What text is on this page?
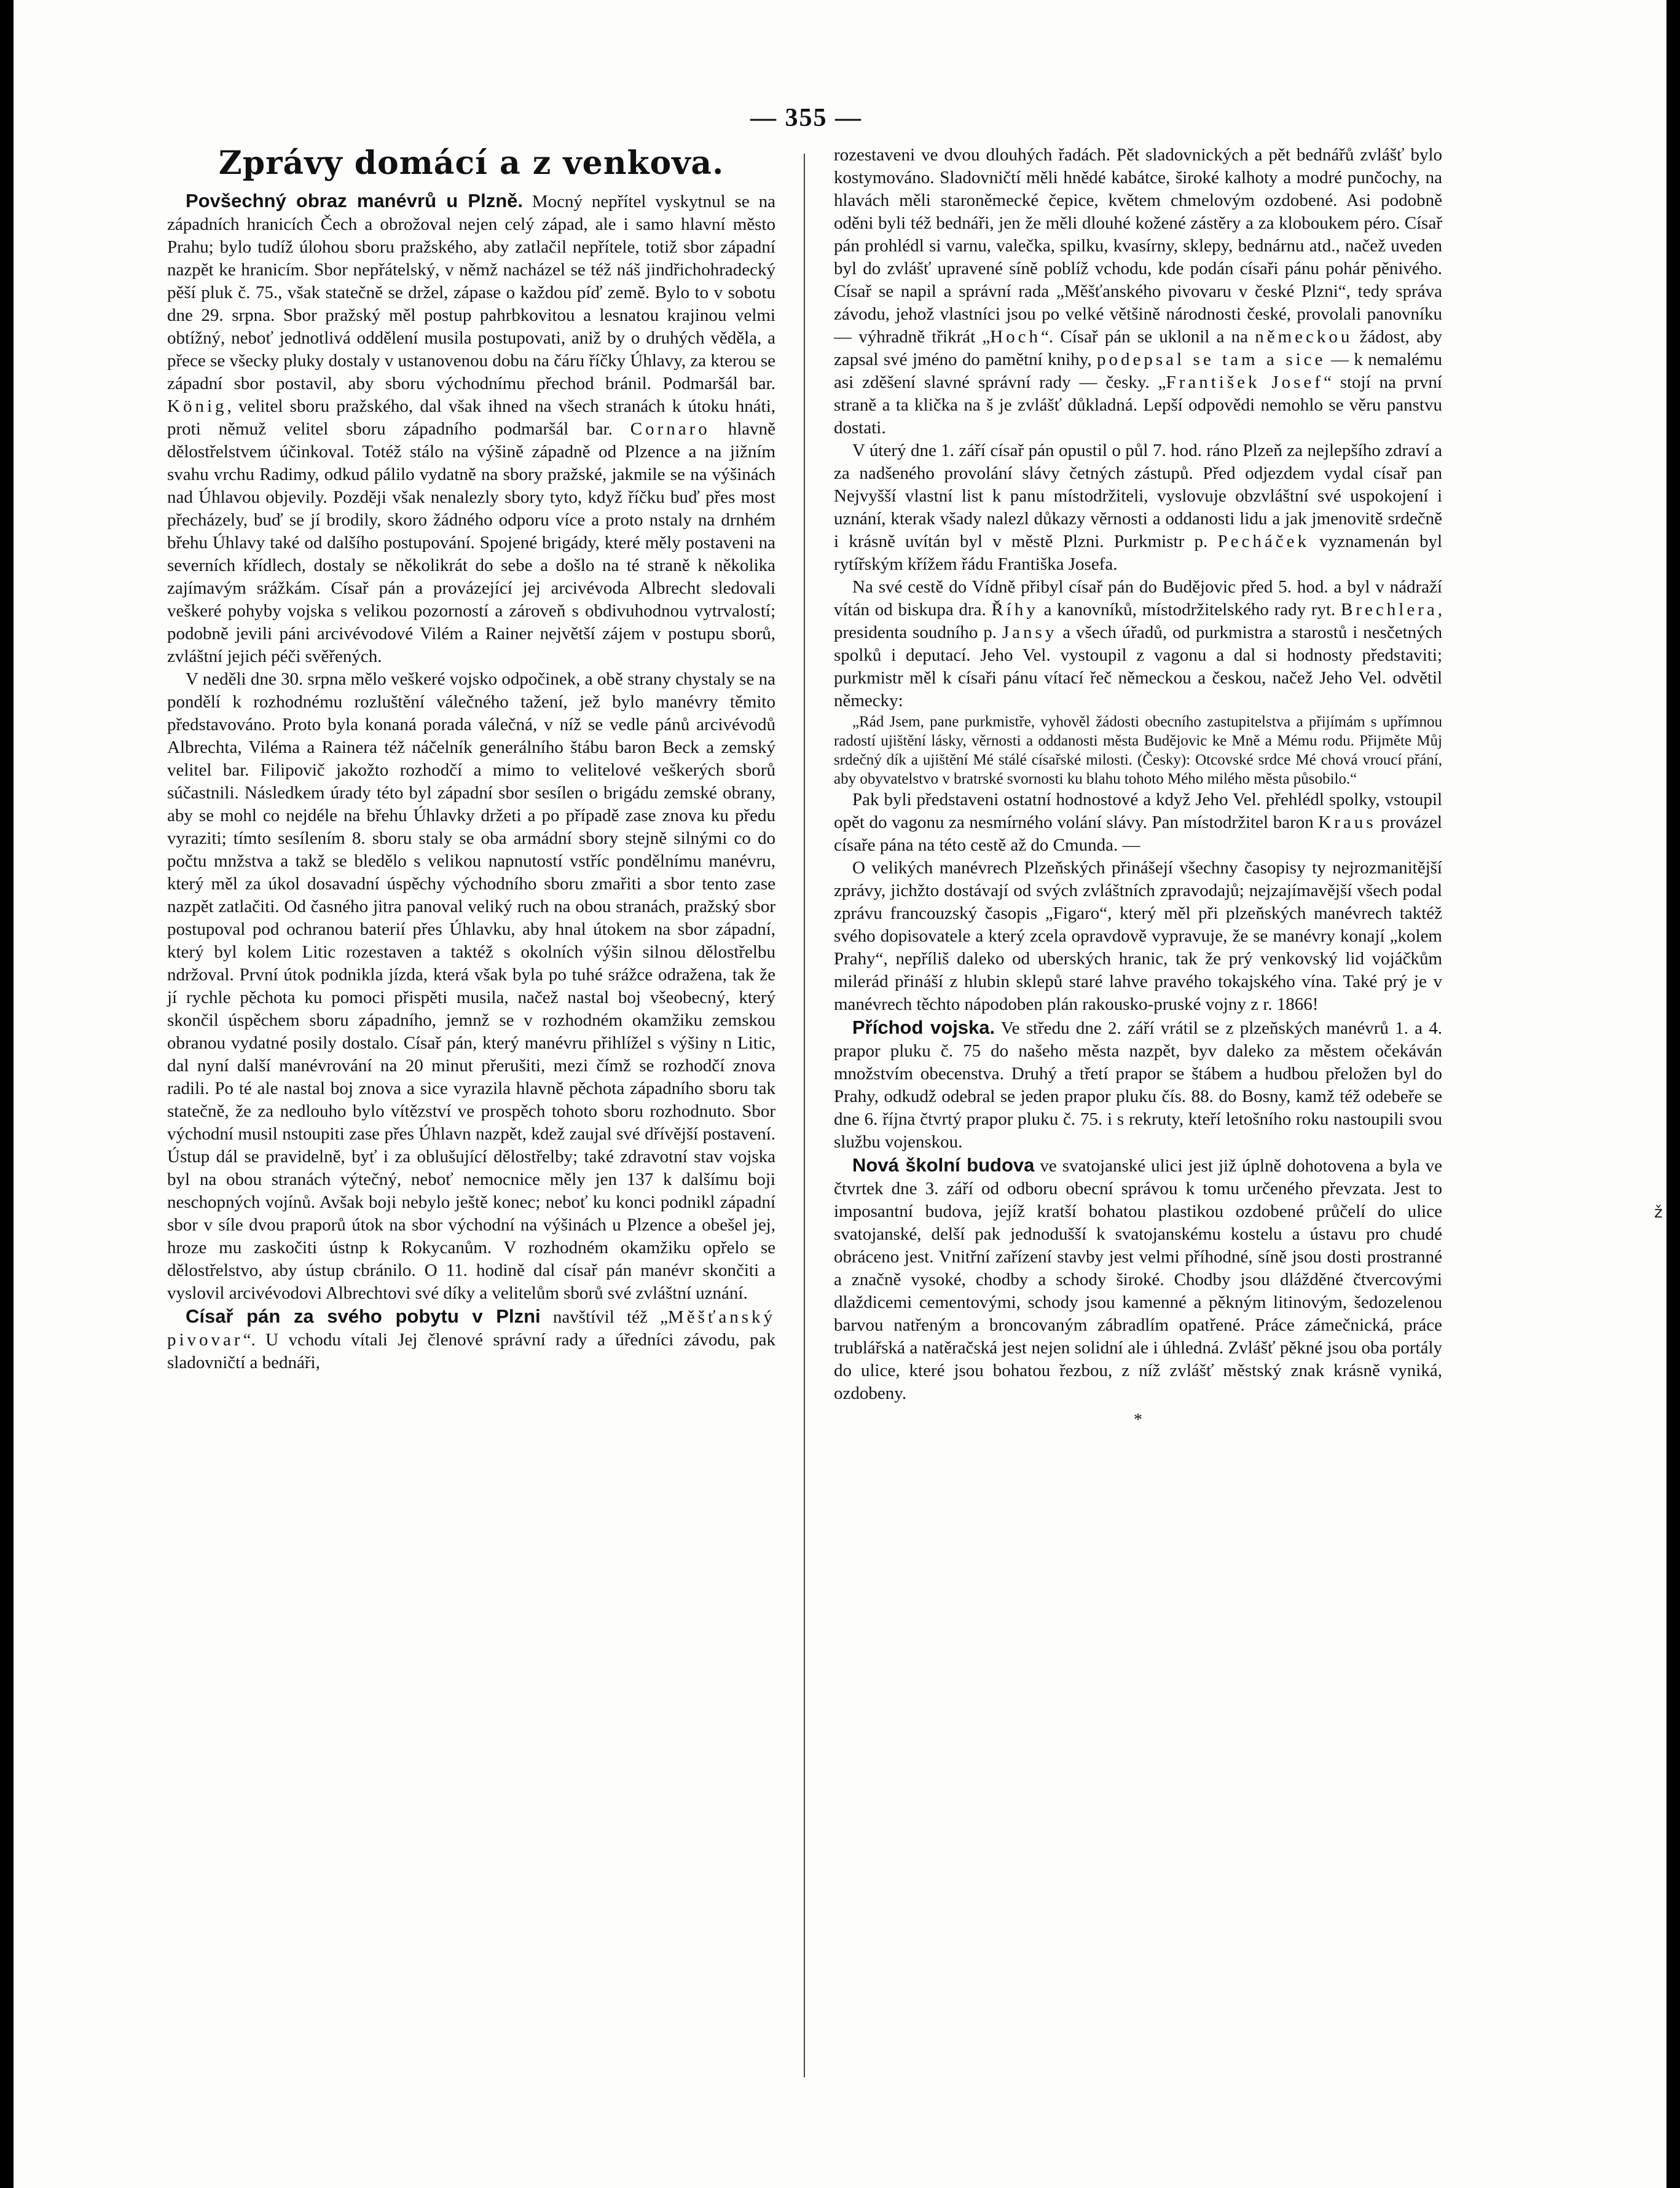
— 355 —
Zprávy domácí a z venkova.

Povšechný obraz manévrů u Plzně. Mocný nepřítel vyskytnul se na západních hranicích Čech a obrožoval nejen celý západ, ale i samo hlavní město Prahu; bylo tudíž úlohou sboru pražského, aby zatlačil nepřítele, totiž sbor západní nazpět ke hranicím. Sbor nepřátelský, v němž nacházel se též náš jindřichohradecký pěší pluk č. 75., však statečně se držel, zápase o každou píď země. Bylo to v sobotu dne 29. srpna. Sbor pražský měl postup pahrbkovitou a lesnatou krajinou velmi obtížný, neboť jednotlivá oddělení musila postupovati, aniž by o druhých věděla, a přece se všecky pluky dostaly v ustanovenou dobu na čáru říčky Úhlavy, za kterou se západní sbor postavil, aby sboru východnímu přechod bránil. Podmaršál bar. König, velitel sboru pražského, dal však ihned na všech stranách k útoku hnáti, proti němuž velitel sboru západního podmaršál bar. Cornaro hlavně dělostřelstvem účinkoval. Totéž stálo na výšině západně od Plzence a na jižním svahu vrchu Radimy, odkud pálilo vydatně na sbory pražské, jakmile se na výšinách nad Úhlavou objevily. Později však nenalezly sbory tyto, když říčku buď přes most přecházely, buď se jí brodily, skoro žádného odporu více a proto nstaly na drnhém břehu Úhlavy také od dalšího postupování. Spojené brigády, které měly postaveni na severních křídlech, dostaly se několikrát do sebe a došlo na té straně k několika zajímavým srážkám. Císař pán a provázející jej arcivévoda Albrecht sledovali veškeré pohyby vojska s velikou pozorností a zároveň s obdivuhodnou vytrvalostí; podobně jevili páni arcivévodové Vilém a Rainer největší zájem v postupu sborů, zvláštní jejich péči svěřených.

V neděli dne 30. srpna mělo veškeré vojsko odpočinek, a obě strany chystaly se na pondělí k rozhodnému rozluštění válečného tažení, jež bylo manévry těmito představováno. Proto byla konaná porada válečná, v níž se vedle pánů arcivévodů Albrechta, Viléma a Rainera též náčelník generálního štábu baron Beck a zemský velitel bar. Filipovič jakožto rozhodčí a mimo to velitelové veškerých sborů súčastnili. Následkem úrady této byl západní sbor sesílen o brigádu zemské obrany, aby se mohl co nejdéle na břehu Úhlavky držeti a po případě zase znova ku předu vyraziti; tímto sesílením 8. sboru staly se oba armádní sbory stejně silnými co do počtu mnžstva a takž se bledělo s velikou napnutostí vstříc pondělnímu manévru, který měl za úkol dosavadní úspěchy východního sboru zmařiti a sbor tento zase nazpět zatlačiti. Od časného jitra panoval veliký ruch na obou stranách, pražský sbor postupoval pod ochranou baterií přes Úhlavku, aby hnal útokem na sbor západní, který byl kolem Litic rozestaven a taktéž s okolních výšin silnou dělostřelbu ndržoval. První útok podnikla jízda, která však byla po tuhé srážce odražena, tak že jí rychle pěchota ku pomoci přispěti musila, načež nastal boj všeobecný, který skončil úspěchem sboru západního, jemnž se v rozhodném okamžiku zemskou obranou vydatné posily dostalo. Císař pán, který manévru přihlížel s výšiny n Litic, dal nyní další manévrování na 20 minut přerušiti, mezi čímž se rozhodčí znova radili. Po té ale nastal boj znova a sice vyrazila hlavně pěchota západního sboru tak statečně, že za nedlouho bylo vítězství ve prospěch tohoto sboru rozhodnuto. Sbor východní musil nstoupiti zase přes Úhlavn nazpět, kdež zaujal své dřívější postavení. Ústup dál se pravidelně, byť i za oblušující dělostřelby; také zdravotní stav vojska byl na obou stranách výtečný, neboť nemocnice měly jen 137 k dalšímu boji neschopných vojínů. Avšak boji nebylo ještě konec; neboť ku konci podnikl západní sbor v síle dvou praporů útok na sbor východní na výšinách u Plzence a obešel jej, hroze mu zaskočiti ústnp k Rokycanům. V rozhodném okamžiku opřelo se dělostřelstvo, aby ústup cbránilo. O 11. hodině dal císař pán manévr skončiti a vyslovil arcivévodovi Albrechtovi své díky a velitelům sborů své zvláštní uznání.

Císař pán za svého pobytu v Plzni navštívil též „Měšťanský pivovar“. U vchodu vítali Jej členové správní rady a úředníci závodu, pak sladovničtí a bednáři,

rozestaveni ve dvou dlouhých řadách. Pět sladovnických a pět bednářů zvlášť bylo kostymováno. Sladovničtí měli hnědé kabátce, široké kalhoty a modré punčochy, na hlavách měli staroněmecké čepice, květem chmelovým ozdobené. Asi podobně oděni byli též bednáři, jen že měli dlouhé kožené zástěry a za kloboukem péro. Císař pán prohlédl si varnu, valečka, spilku, kvasírny, sklepy, bednárnu atd., načež uveden byl do zvlášť upravené síně poblíž vchodu, kde podán císaři pánu pohár pěnivého. Císař se napil a správní rada „Měšťanského pivovaru v české Plzni“, tedy správa závodu, jehož vlastníci jsou po velké většině národnosti české, provolali panovníku — výhradně třikrát „Hoch“. Císař pán se uklonil a na německou žádost, aby zapsal své jméno do pamětní knihy, podepsal se tam a sice — k nemalému asi zděšení slavné správní rady — česky. „František Josef“ stojí na první straně a ta klička na š je zvlášť důkladná. Lepší odpovědi nemohlo se věru panstvu dostati.

V úterý dne 1. září císař pán opustil o půl 7. hod. ráno Plzeň za nejlepšího zdraví a za nadšeného provolání slávy četných zástupů. Před odjezdem vydal císař pan Nejvyšší vlastní list k panu místodržiteli, vyslovuje obzvláštní své uspokojení i uznání, kterak všady nalezl důkazy věrnosti a oddanosti lidu a jak jmenovitě srdečně i krásně uvítán byl v městě Plzni. Purkmistr p. Pecháček vyznamenán byl rytířským křížem řádu Františka Josefa.

Na své cestě do Vídně přibyl císař pán do Budějovic před 5. hod. a byl v nádraží vítán od biskupa dra. Říhy a kanovníků, místodržitelského rady ryt. Brechlera, presidenta soudního p. Jansy a všech úřadů, od purkmistra a starostů i nesčetných spolků i deputací. Jeho Vel. vystoupil z vagonu a dal si hodnosty představiti; purkmistr měl k císaři pánu vítací řeč německou a českou, načež Jeho Vel. odvětil německy:

„Rád Jsem, pane purkmistře, vyhověl žádosti obecního zastupitelstva a přijímám s upřímnou radostí ujištění lásky, věrnosti a oddanosti města Budějovic ke Mně a Mému rodu. Přijměte Můj srdečný dík a ujištění Mé stálé císařské milosti. (Česky): Otcovské srdce Mé chová vroucí přání, aby obyvatelstvo v bratrské svornosti ku blahu tohoto Mého milého města působilo.“

Pak byli představeni ostatní hodnostové a když Jeho Vel. přehlédl spolky, vstoupil opět do vagonu za nesmírného volání slávy. Pan místodržitel baron Kraus provázel císaře pána na této cestě až do Cmunda. —

O velikých manévrech Plzeňských přinášejí všechny časopisy ty nejrozmanitější zprávy, jichžto dostávají od svých zvláštních zpravodajů; nejzajímavější všech podal zprávu francouzský časopis „Figaro“, který měl při plzeňských manévrech taktéž svého dopisovatele a který zcela opravdově vypravuje, že se manévry konají „kolem Prahy“, nepříliš daleko od uberských hranic, tak že prý venkovský lid vojáčkům milerád přináší z hlubin sklepů staré lahve pravého tokajského vína. Také prý je v manévrech těchto nápodoben plán rakousko-pruské vojny z r. 1866!

Příchod vojska. Ve středu dne 2. září vrátil se z plzeňských manévrů 1. a 4. prapor pluku č. 75 do našeho města nazpět, byv daleko za městem očekáván množstvím obecenstva. Druhý a třetí prapor se štábem a hudbou přeložen byl do Prahy, odkudž odebral se jeden prapor pluku čís. 88. do Bosny, kamž též odebeře se dne 6. října čtvrtý prapor pluku č. 75. i s rekruty, kteří letošního roku nastoupili svou službu vojenskou.

Nová školní budova ve svatojanské ulici jest již úplně dohotovena a byla ve čtvrtek dne 3. září od odboru obecní správou k tomu určeného převzata. Jest to imposantní budova, jejíž kratší bohatou plastikou ozdobené průčelí do ulice svatojanské, delší pak jednodušší k svatojanskému kostelu a ústavu pro chudé obráceno jest. Vnitřní zařízení stavby jest velmi příhodné, síně jsou dosti prostranné a značně vysoké, chodby a schody široké. Chodby jsou dlážděné čtvercovými dlaždicemi cementovými, schody jsou kamenné a pěkným litinovým, šedozelenou barvou natřeným a broncovaným zábradlím opatřené. Práce zámečnická, práce trublářská a natěračská jest nejen solidní ale i úhledná. Zvlášť pěkné jsou oba portály do ulice, které jsou bohatou řezbou, z níž zvlášť městský znak krásně vyniká, ozdobeny.

*
ž
